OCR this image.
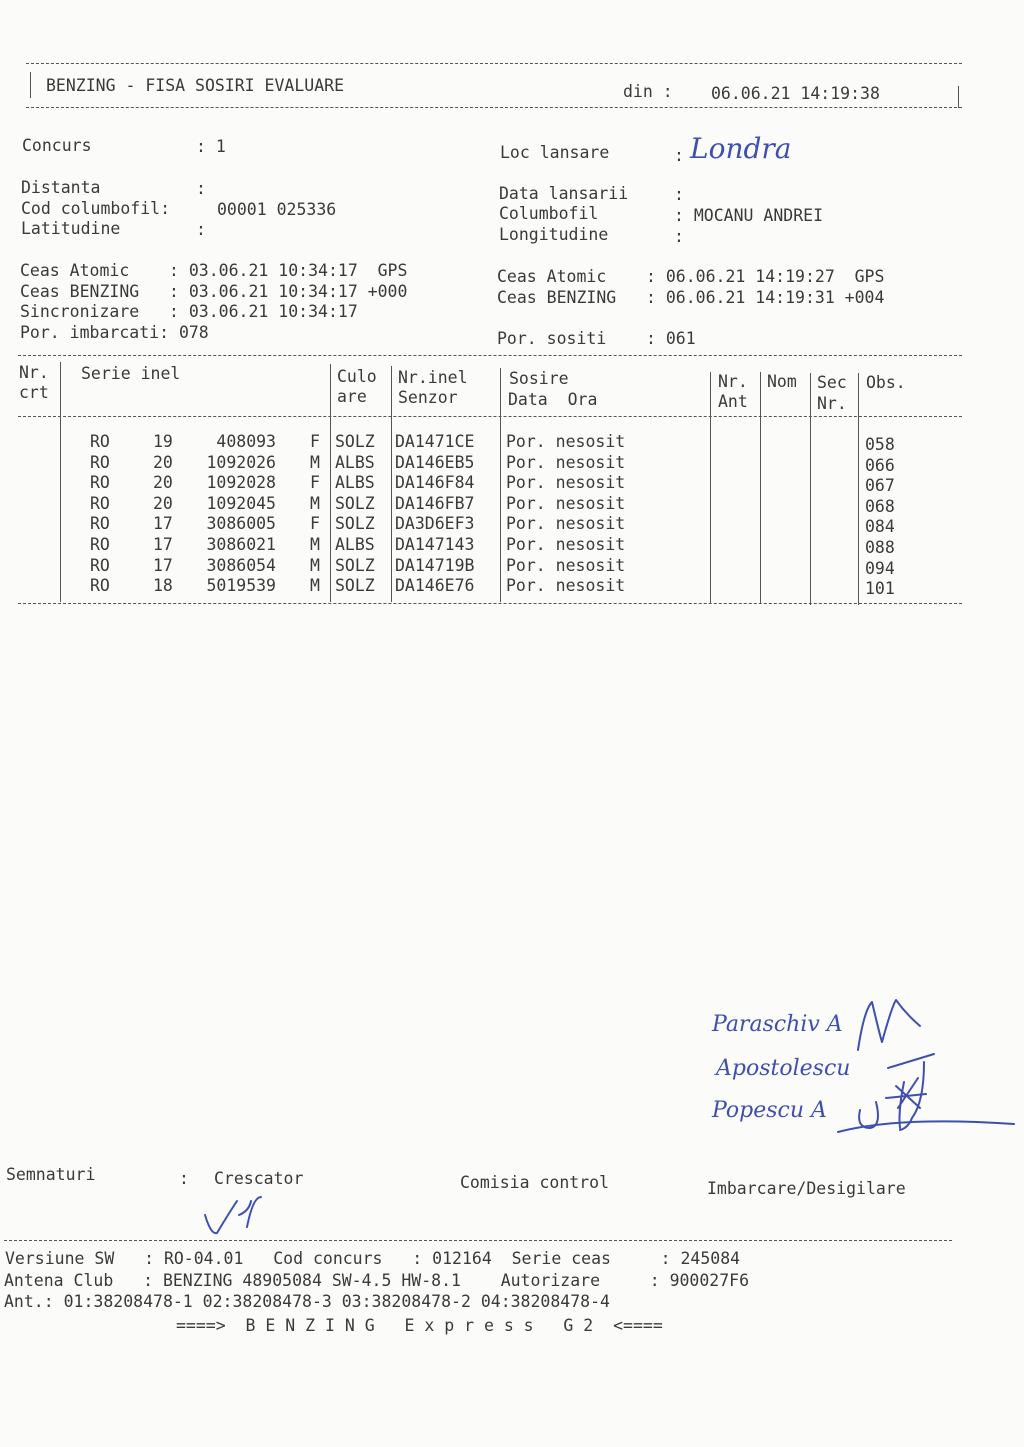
BENZING - FISA SOSIRI EVALUARE	din : 06.06.21 14:19:38
Concurs	: 1
Distanta	:
Cod columbofil:	00001 025336
Latitudine	:
Loc lansare	: Londra
Data lansarii	:
Columbofil	: MOCANU ANDREI
Longitudine	:
Ceas Atomic    : 03.06.21 10:34:17  GPS
Ceas BENZING   : 03.06.21 10:34:17 +000
Sincronizare   : 03.06.21 10:34:17
Por. imbarcati: 078
Ceas Atomic    : 06.06.21 14:19:27  GPS
Ceas BENZING   : 06.06.21 14:19:31 +004
Por. sositi    : 061
Nr.
crt
Serie inel	Culo
are
Nr.inel
Senzor
Sosire
Data  Ora
Nr.
Ant
Nom Sec
Nr.
Obs.
RO	19	408093 F SOLZ DA1471CE Por. nesosit	058
RO	20	1092026 M ALBS DA146EB5 Por. nesosit	066
RO	20	1092028 F ALBS DA146F84 Por. nesosit	067
RO	20	1092045 M SOLZ DA146FB7 Por. nesosit	068
RO	17	3086005 F SOLZ DA3D6EF3 Por. nesosit	084
RO	17	3086021 M ALBS DA147143 Por. nesosit	088
RO	17	3086054 M SOLZ DA14719B Por. nesosit	094
RO	18	5019539 M SOLZ DA146E76 Por. nesosit	101
Paraschiv A
Apostolescu
Popescu A
Semnaturi	: Crescator	Comisia control	Imbarcare/Desigilare
Versiune SW   : RO-04.01   Cod concurs   : 012164  Serie ceas     : 245084
Antena Club   : BENZING 48905084 SW-4.5 HW-8.1    Autorizare     : 900027F6
Ant.: 01:38208478-1 02:38208478-3 03:38208478-2 04:38208478-4
====>  B E N Z I N G   E x p r e s s   G 2  <====
